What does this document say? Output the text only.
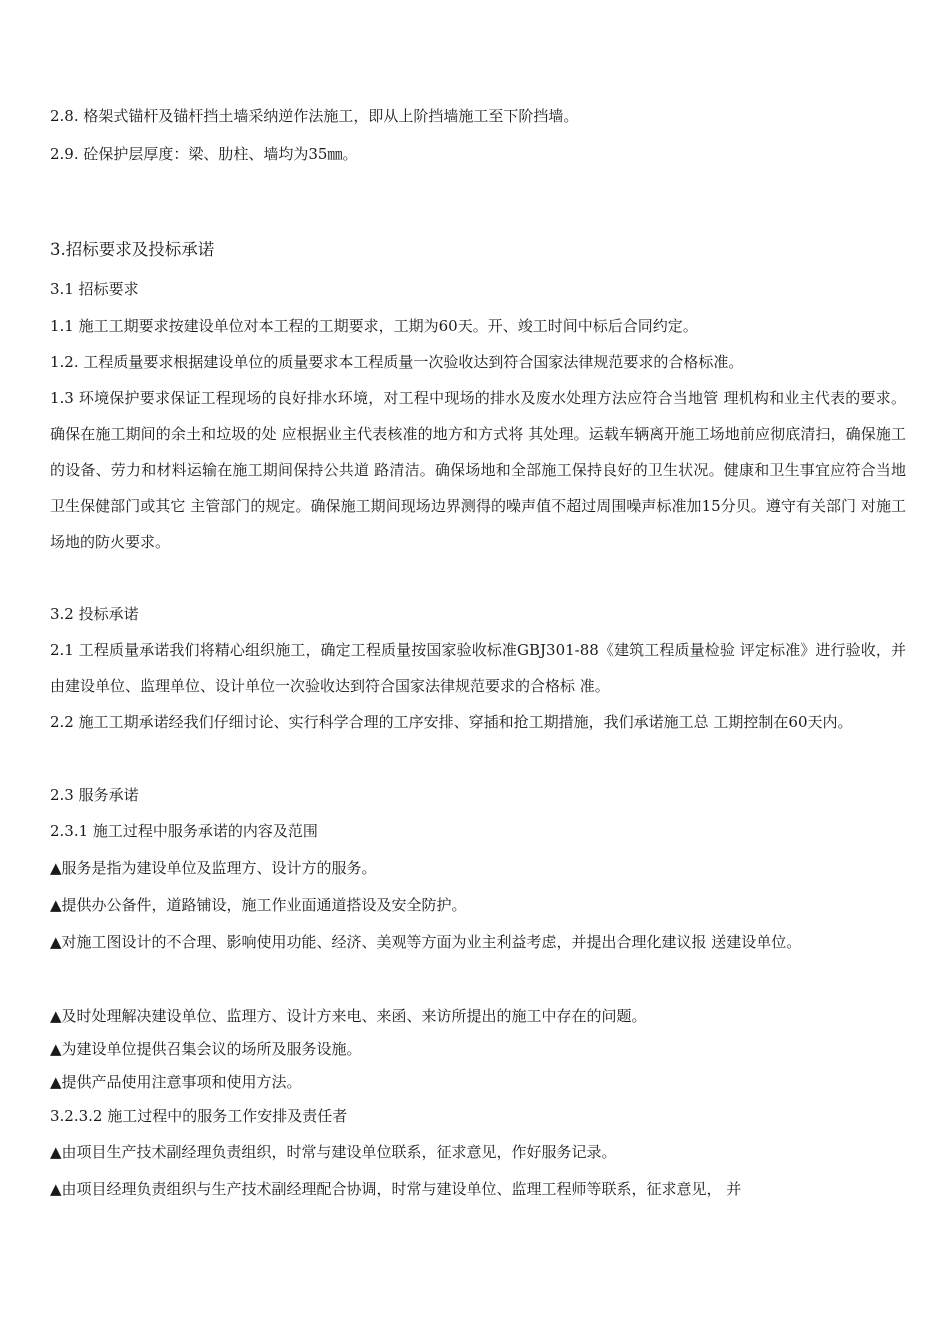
2.8. 格架式锚杆及锚杆挡土墙采纳逆作法施工，即从上阶挡墙施工至下阶挡墙。

2.9. 砼保护层厚度：梁、肋柱、墙均为35㎜。

3.招标要求及投标承诺

3.1 招标要求

1.1 施工工期要求按建设单位对本工程的工期要求，工期为60天。开、竣工时间中标后合同约定。

1.2. 工程质量要求根据建设单位的质量要求本工程质量一次验收达到符合国家法律规范要求的合格标准。

1.3 环境保护要求保证工程现场的良好排水环境，对工程中现场的排水及废水处理方法应符合当地管 理机构和业主代表的要求。确保在施工期间的余土和垃圾的处 应根据业主代表核准的地方和方式将 其处理。运载车辆离开施工场地前应彻底清扫，确保施工的设备、劳力和材料运输在施工期间保持公共道 路清洁。确保场地和全部施工保持良好的卫生状况。健康和卫生事宜应符合当地卫生保健部门或其它 主管部门的规定。确保施工期间现场边界测得的噪声值不超过周围噪声标准加15分贝。遵守有关部门 对施工场地的防火要求。

3.2 投标承诺

2.1 工程质量承诺我们将精心组织施工，确定工程质量按国家验收标准GBJ301-88《建筑工程质量检验 评定标准》进行验收，并由建设单位、监理单位、设计单位一次验收达到符合国家法律规范要求的合格标 准。

2.2 施工工期承诺经我们仔细讨论、实行科学合理的工序安排、穿插和抢工期措施，我们承诺施工总 工期控制在60天内。

2.3 服务承诺

2.3.1 施工过程中服务承诺的内容及范围

▲服务是指为建设单位及监理方、设计方的服务。

▲提供办公备件，道路铺设，施工作业面通道搭设及安全防护。

▲对施工图设计的不合理、影响使用功能、经济、美观等方面为业主利益考虑，并提出合理化建议报 送建设单位。

▲及时处理解决建设单位、监理方、设计方来电、来函、来访所提出的施工中存在的问题。

▲为建设单位提供召集会议的场所及服务设施。

▲提供产品使用注意事项和使用方法。

3.2.3.2 施工过程中的服务工作安排及责任者

▲由项目生产技术副经理负责组织，时常与建设单位联系，征求意见，作好服务记录。

▲由项目经理负责组织与生产技术副经理配合协调，时常与建设单位、监理工程师等联系，征求意见， 并
